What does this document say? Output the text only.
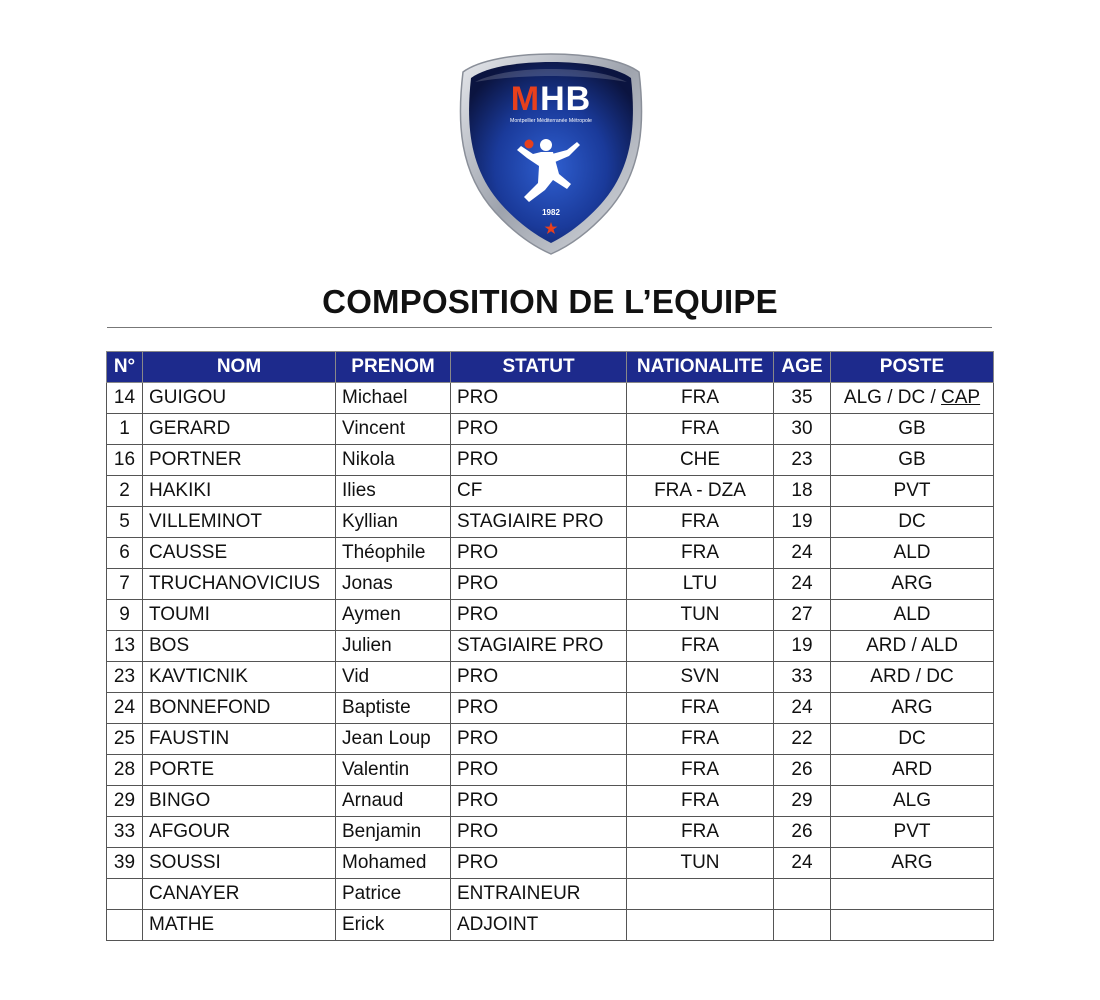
MHB
Montpellier Méditerranée Métropole
1982
COMPOSITION DE L’EQUIPE
N°	NOM	PRENOM	STATUT	NATIONALITE	AGE	POSTE
14	GUIGOU	Michael	PRO	FRA	35	ALG / DC / CAP
1	GERARD	Vincent	PRO	FRA	30	GB
16	PORTNER	Nikola	PRO	CHE	23	GB
2	HAKIKI	Ilies	CF	FRA - DZA	18	PVT
5	VILLEMINOT	Kyllian	STAGIAIRE PRO	FRA	19	DC
6	CAUSSE	Théophile	PRO	FRA	24	ALD
7	TRUCHANOVICIUS	Jonas	PRO	LTU	24	ARG
9	TOUMI	Aymen	PRO	TUN	27	ALD
13	BOS	Julien	STAGIAIRE PRO	FRA	19	ARD / ALD
23	KAVTICNIK	Vid	PRO	SVN	33	ARD / DC
24	BONNEFOND	Baptiste	PRO	FRA	24	ARG
25	FAUSTIN	Jean Loup	PRO	FRA	22	DC
28	PORTE	Valentin	PRO	FRA	26	ARD
29	BINGO	Arnaud	PRO	FRA	29	ALG
33	AFGOUR	Benjamin	PRO	FRA	26	PVT
39	SOUSSI	Mohamed	PRO	TUN	24	ARG
	CANAYER	Patrice	ENTRAINEUR			
	MATHE	Erick	ADJOINT			
